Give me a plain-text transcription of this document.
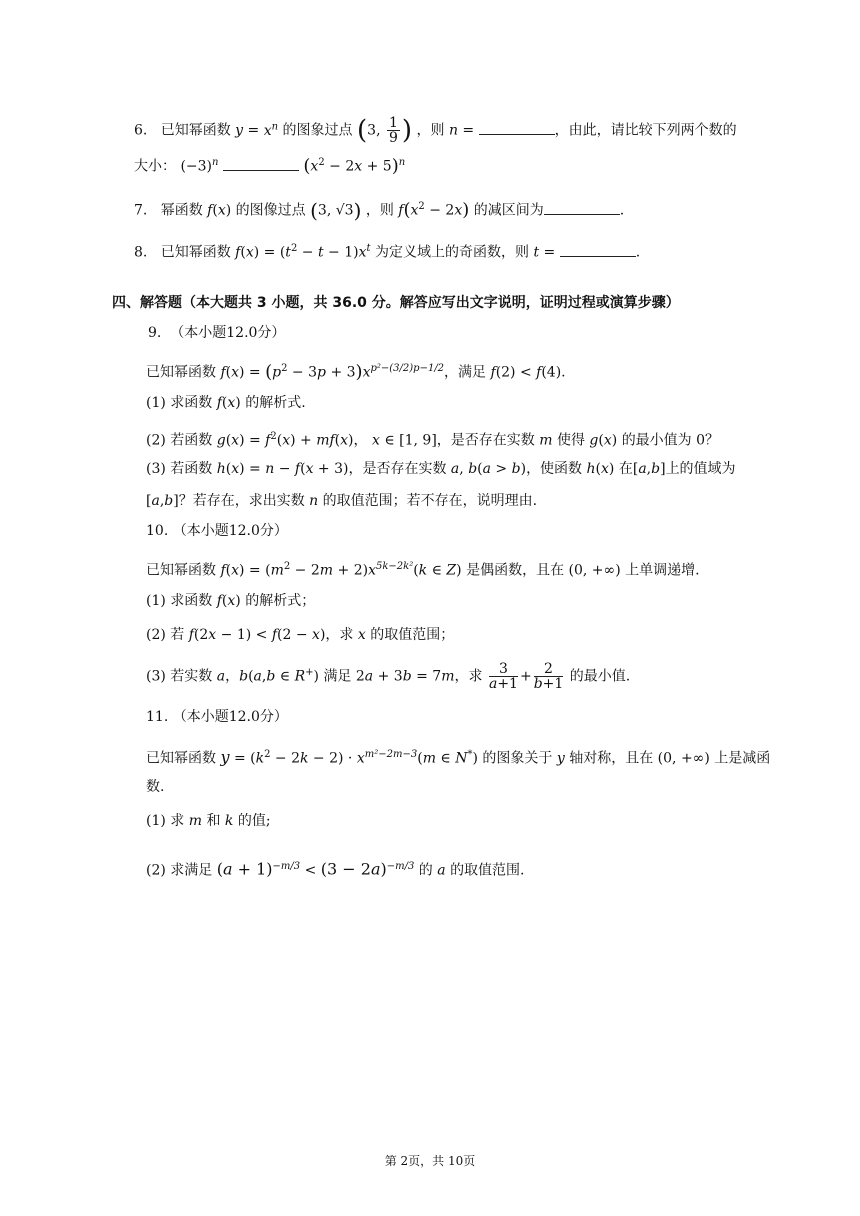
6. 已知幂函数 $y = x^n$ 的图象过点 (3, $\frac{1}{9}$ ) ，则 n =	，由此，请比较下列两个数的
大小： $(-3)^n$	$(x^2 - 2x + 5)^n$
7. 幂函数 f(x) 的图像过点 (3, √3) ，则 $f(x^2 - 2x)$ 的减区间为	.
8. 已知幂函数 $f(x) = (t^2 - t - 1)x^t$ 为定义域上的奇函数，则 t =	.
四、解答题（本大题共 3 小题，共 36.0 分。解答应写出文字说明，证明过程或演算步骤）
9. （本小题12.0分）
已知幂函数 $f(x) = (p^2 - 3p + 3)x^{p^2-(3/2)p-1/2}$，满足 f(2) < f(4).
(1) 求函数 f(x) 的解析式.
(2) 若函数 $g(x) = f^2(x) + mf(x)$， x ∈ [1, 9]，是否存在实数 m 使得 g(x) 的最小值为 0？
(3) 若函数 h(x) = n − f(x + 3)，是否存在实数 a, b(a > b)，使函数 h(x) 在[a,b]上的值域为
[a,b]？若存在，求出实数 n 的取值范围；若不存在，说明理由.
10. （本小题12.0分）
已知幂函数 $f(x) = (m^2 - 2m + 2)x^{5k-2k^2}(k$ ∈ Z) 是偶函数，且在 (0, +∞) 上单调递增.
(1) 求函数 f(x) 的解析式；
(2) 若 f(2x − 1) < f(2 − x)，求 x 的取值范围；
(3) 若实数 a，b(a,b ∈ R+) 满足 2a + 3b = 7m，求 $\frac{3}{a+1} + \frac{2}{b+1}$ 的最小值.
11. （本小题12.0分）
已知幂函数 $y = (k^2 - 2k - 2) \cdot x^{m^2-2m-3}(m$ ∈ N*) 的图象关于 y 轴对称，且在 (0, +∞) 上是减函
数.
(1) 求 m 和 k 的值;
(2) 求满足 $(a + 1)^{-m/3} < (3 - 2a)^{-m/3}$ 的 a 的取值范围.
第 2页，共 10页
